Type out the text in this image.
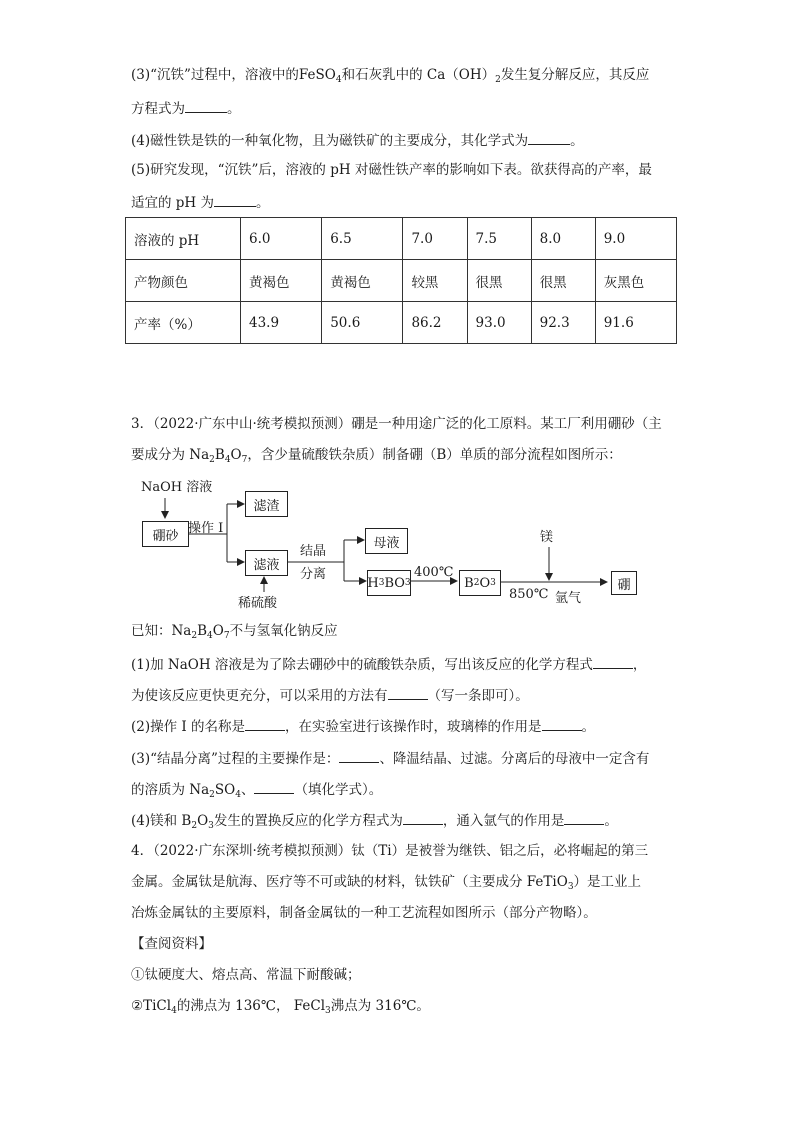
(3)“沉铁”过程中，溶液中的FeSO$_4$和石灰乳中的 $Ca(OH)_2$发生复分解反应，其反应
方程式为	。
(4)磁性铁是铁的一种氧化物，且为磁铁矿的主要成分，其化学式为	。
(5)研究发现，“沉铁”后，溶液的 pH 对磁性铁产率的影响如下表。欲获得高的产率，最
适宜的 pH 为	。
溶液的 pH	6.0	6.5	7.0	7.5	8.0	9.0
产物颜色	黄褐色	黄褐色	较黑	很黑	很黑	灰黑色
产率（%）	43.9	50.6	86.2	93.0	92.3	91.6
3．（2022·广东中山·统考模拟预测）硼是一种用途广泛的化工原料。某工厂利用硼砂（主
要成分为 $Na_2B_4O_7$，含少量硫酸铁杂质）制备硼（B）单质的部分流程如图所示：
NaOH 溶液
硼砂 操作 I
滤渣
滤液
稀硫酸
结晶
分离
母液
H 3 BO 3
400℃
B 2 O 3
镁
850℃ 氩气
硼
已知：$Na_2B_4O_7$不与氢氧化钠反应
(1)加 NaOH 溶液是为了除去硼砂中的硫酸铁杂质，写出该反应的化学方程式	，
为使该反应更快更充分，可以采用的方法有	（写一条即可）。
(2)操作 I 的名称是	，在实验室进行该操作时，玻璃棒的作用是	。
(3)“结晶分离”过程的主要操作是：	、降温结晶、过滤。分离后的母液中一定含有
的溶质为 $Na_2SO_4$、	（填化学式）。
(4)镁和 $B_2O_3$发生的置换反应的化学方程式为	，通入氩气的作用是	。
4．（2022·广东深圳·统考模拟预测）钛（Ti）是被誉为继铁、铝之后，必将崛起的第三
金属。金属钛是航海、医疗等不可或缺的材料，钛铁矿（主要成分 FeTiO$_3$）是工业上
冶炼金属钛的主要原料，制备金属钛的一种工艺流程如图所示（部分产物略）。
【查阅资料】
①钛硬度大、熔点高、常温下耐酸碱；
②TiCl$_4$的沸点为 136℃， FeCl$_3$沸点为 316℃。
